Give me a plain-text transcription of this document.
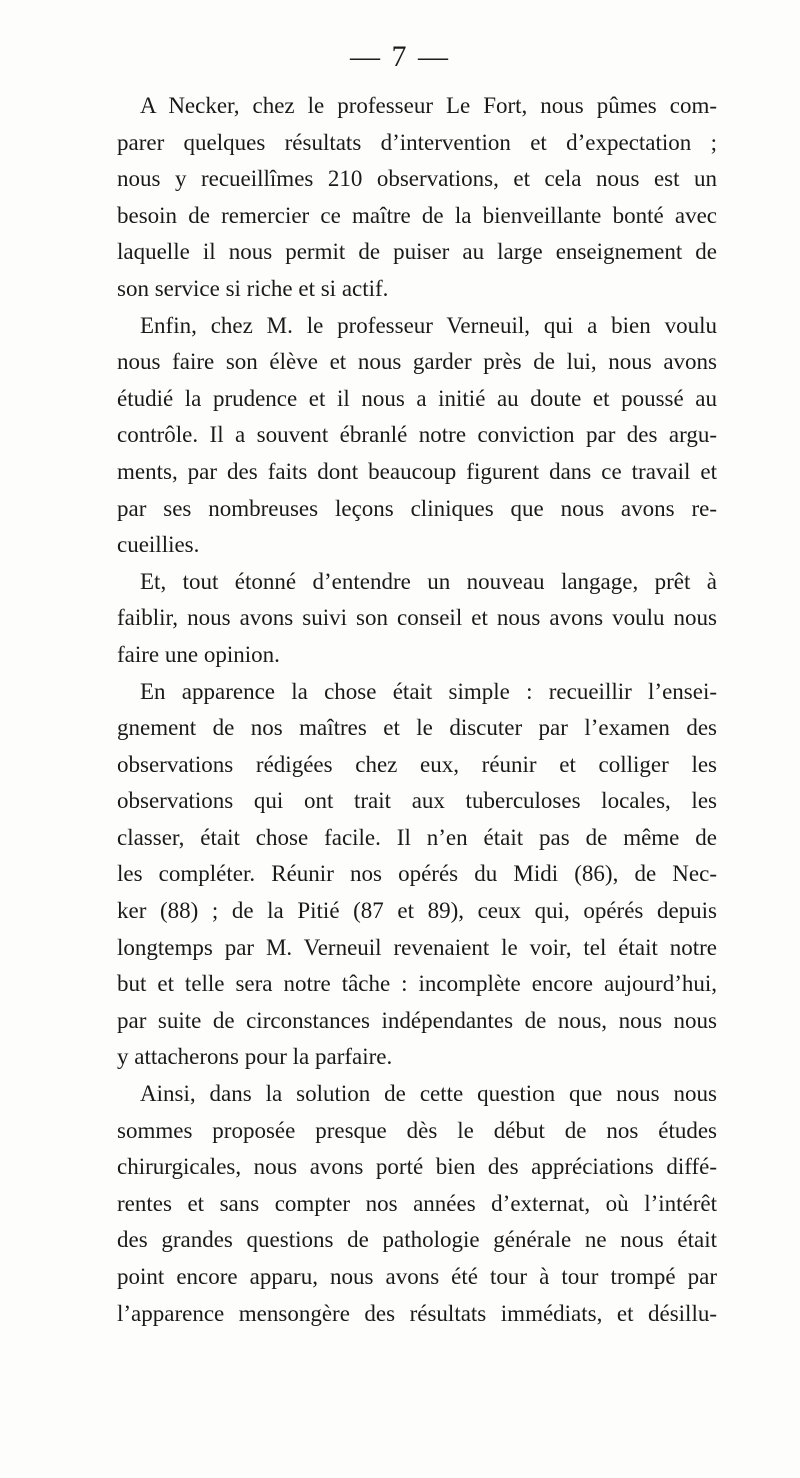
— 7 —
A Necker, chez le professeur Le Fort, nous pûmes com-
parer quelques résultats d’intervention et d’expectation ;
nous y recueillîmes 210 observations, et cela nous est un
besoin de remercier ce maître de la bienveillante bonté avec
laquelle il nous permit de puiser au large enseignement de
son service si riche et si actif.
Enfin, chez M. le professeur Verneuil, qui a bien voulu
nous faire son élève et nous garder près de lui, nous avons
étudié la prudence et il nous a initié au doute et poussé au
contrôle. Il a souvent ébranlé notre conviction par des argu-
ments, par des faits dont beaucoup figurent dans ce travail et
par ses nombreuses leçons cliniques que nous avons re-
cueillies.
Et, tout étonné d’entendre un nouveau langage, prêt à
faiblir, nous avons suivi son conseil et nous avons voulu nous
faire une opinion.
En apparence la chose était simple : recueillir l’ensei-
gnement de nos maîtres et le discuter par l’examen des
observations rédigées chez eux, réunir et colliger les
observations qui ont trait aux tuberculoses locales, les
classer, était chose facile. Il n’en était pas de même de
les compléter. Réunir nos opérés du Midi (86), de Nec-
ker (88) ; de la Pitié (87 et 89), ceux qui, opérés depuis
longtemps par M. Verneuil revenaient le voir, tel était notre
but et telle sera notre tâche : incomplète encore aujourd’hui,
par suite de circonstances indépendantes de nous, nous nous
y attacherons pour la parfaire.
Ainsi, dans la solution de cette question que nous nous
sommes proposée presque dès le début de nos études
chirurgicales, nous avons porté bien des appréciations diffé-
rentes et sans compter nos années d’externat, où l’intérêt
des grandes questions de pathologie générale ne nous était
point encore apparu, nous avons été tour à tour trompé par
l’apparence mensongère des résultats immédiats, et désillu-
